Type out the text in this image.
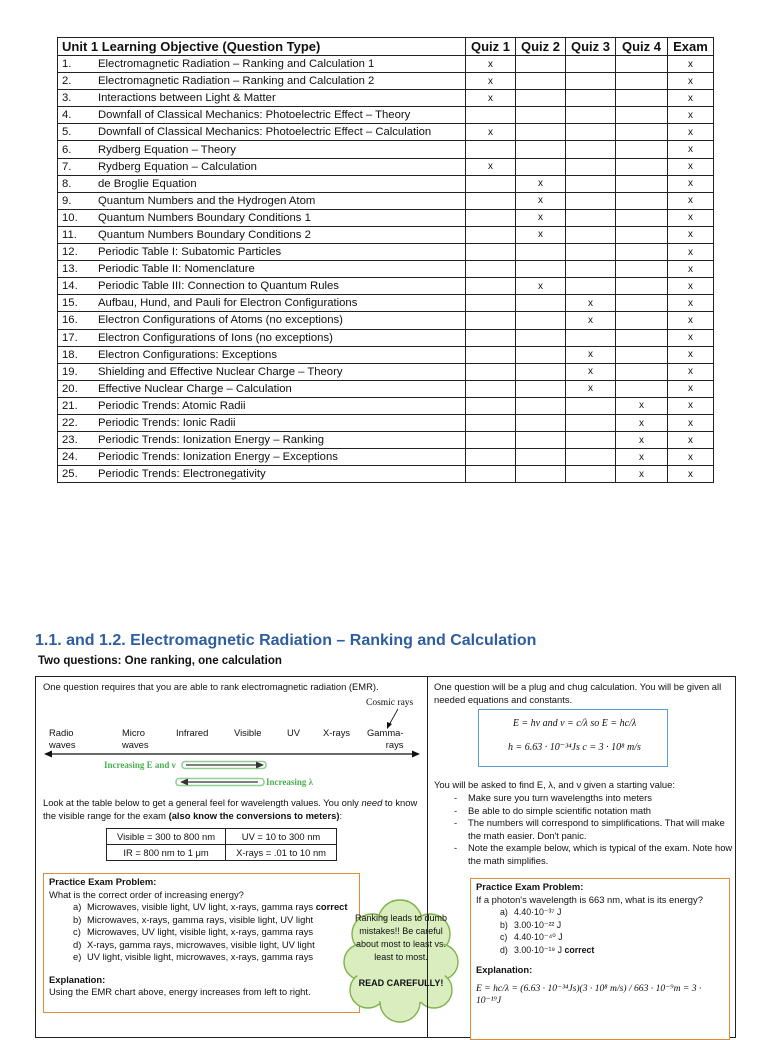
Unit 1 Learning Objective (Question Type)	Quiz 1	Quiz 2	Quiz 3	Quiz 4	Exam
1. Electromagnetic Radiation – Ranking and Calculation 1	x				x
2. Electromagnetic Radiation – Ranking and Calculation 2	x				x
3. Interactions between Light & Matter	x				x
4. Downfall of Classical Mechanics: Photoelectric Effect – Theory					x
5. Downfall of Classical Mechanics: Photoelectric Effect – Calculation	x				x
6. Rydberg Equation – Theory					x
7. Rydberg Equation – Calculation	x				x
8. de Broglie Equation		x			x
9. Quantum Numbers and the Hydrogen Atom		x			x
10. Quantum Numbers Boundary Conditions 1		x			x
11. Quantum Numbers Boundary Conditions 2		x			x
12. Periodic Table I: Subatomic Particles					x
13. Periodic Table II: Nomenclature					x
14. Periodic Table III: Connection to Quantum Rules		x			x
15. Aufbau, Hund, and Pauli for Electron Configurations			x		x
16. Electron Configurations of Atoms (no exceptions)			x		x
17. Electron Configurations of Ions (no exceptions)					x
18. Electron Configurations: Exceptions			x		x
19. Shielding and Effective Nuclear Charge – Theory			x		x
20. Effective Nuclear Charge – Calculation			x		x
21. Periodic Trends: Atomic Radii				x	x
22. Periodic Trends: Ionic Radii				x	x
23. Periodic Trends: Ionization Energy – Ranking				x	x
24. Periodic Trends: Ionization Energy – Exceptions				x	x
25. Periodic Trends: Electronegativity				x	x
1.1. and 1.2. Electromagnetic Radiation – Ranking and Calculation
Two questions: One ranking, one calculation
One question requires that you are able to rank electromagnetic radiation (EMR).
Cosmic rays
Radio
waves
Micro
waves
Infrared	Visible	UV X-rays Gamma-
rays
Increasing E and ν
Increasing λ
Look at the table below to get a general feel for wavelength values. You only need to know the visible range for the exam (also know the conversions to meters):
Visible = 300 to 800 nm	UV = 10 to 300 nm
IR = 800 nm to 1 μm	X-rays = .01 to 10 nm
Practice Exam Problem:
What is the correct order of increasing energy?
a) Microwaves, visible light, UV light, x-rays, gamma rays correct
b) Microwaves, x-rays, gamma rays, visible light, UV light
c) Microwaves, UV light, visible light, x-rays, gamma rays
d) X-rays, gamma rays, microwaves, visible light, UV light
e) UV light, visible light, microwaves, x-rays, gamma rays
Explanation:
Using the EMR chart above, energy increases from left to right.
Ranking leads to dumb mistakes!! Be careful about most to least vs. least to most.

READ CAREFULLY!
One question will be a plug and chug calculation. You will be given all needed equations and constants.
E = hν and v = c/λ so E = hc/λ
h = 6.63 · 10⁻³⁴Js c = 3 · 10⁸ m/s
You will be asked to find E, λ, and ν given a starting value:
- Make sure you turn wavelengths into meters
- Be able to do simple scientific notation math
- The numbers will correspond to simplifications. That will make the math easier. Don't panic.
- Note the example below, which is typical of the exam. Note how the math simplifies.
Practice Exam Problem:
If a photon's wavelength is 663 nm, what is its energy?
a) 4.40·10⁻³⁷ J
b) 3.00·10⁻²² J
c) 4.40·10⁻⁴⁰ J
d) 3.00·10⁻¹⁹ J correct
Explanation:
E = hc/λ = (6.63 · 10⁻³⁴Js)(3 · 10⁸ m/s) / 663 · 10⁻⁹m = 3 · 10⁻¹⁹J
